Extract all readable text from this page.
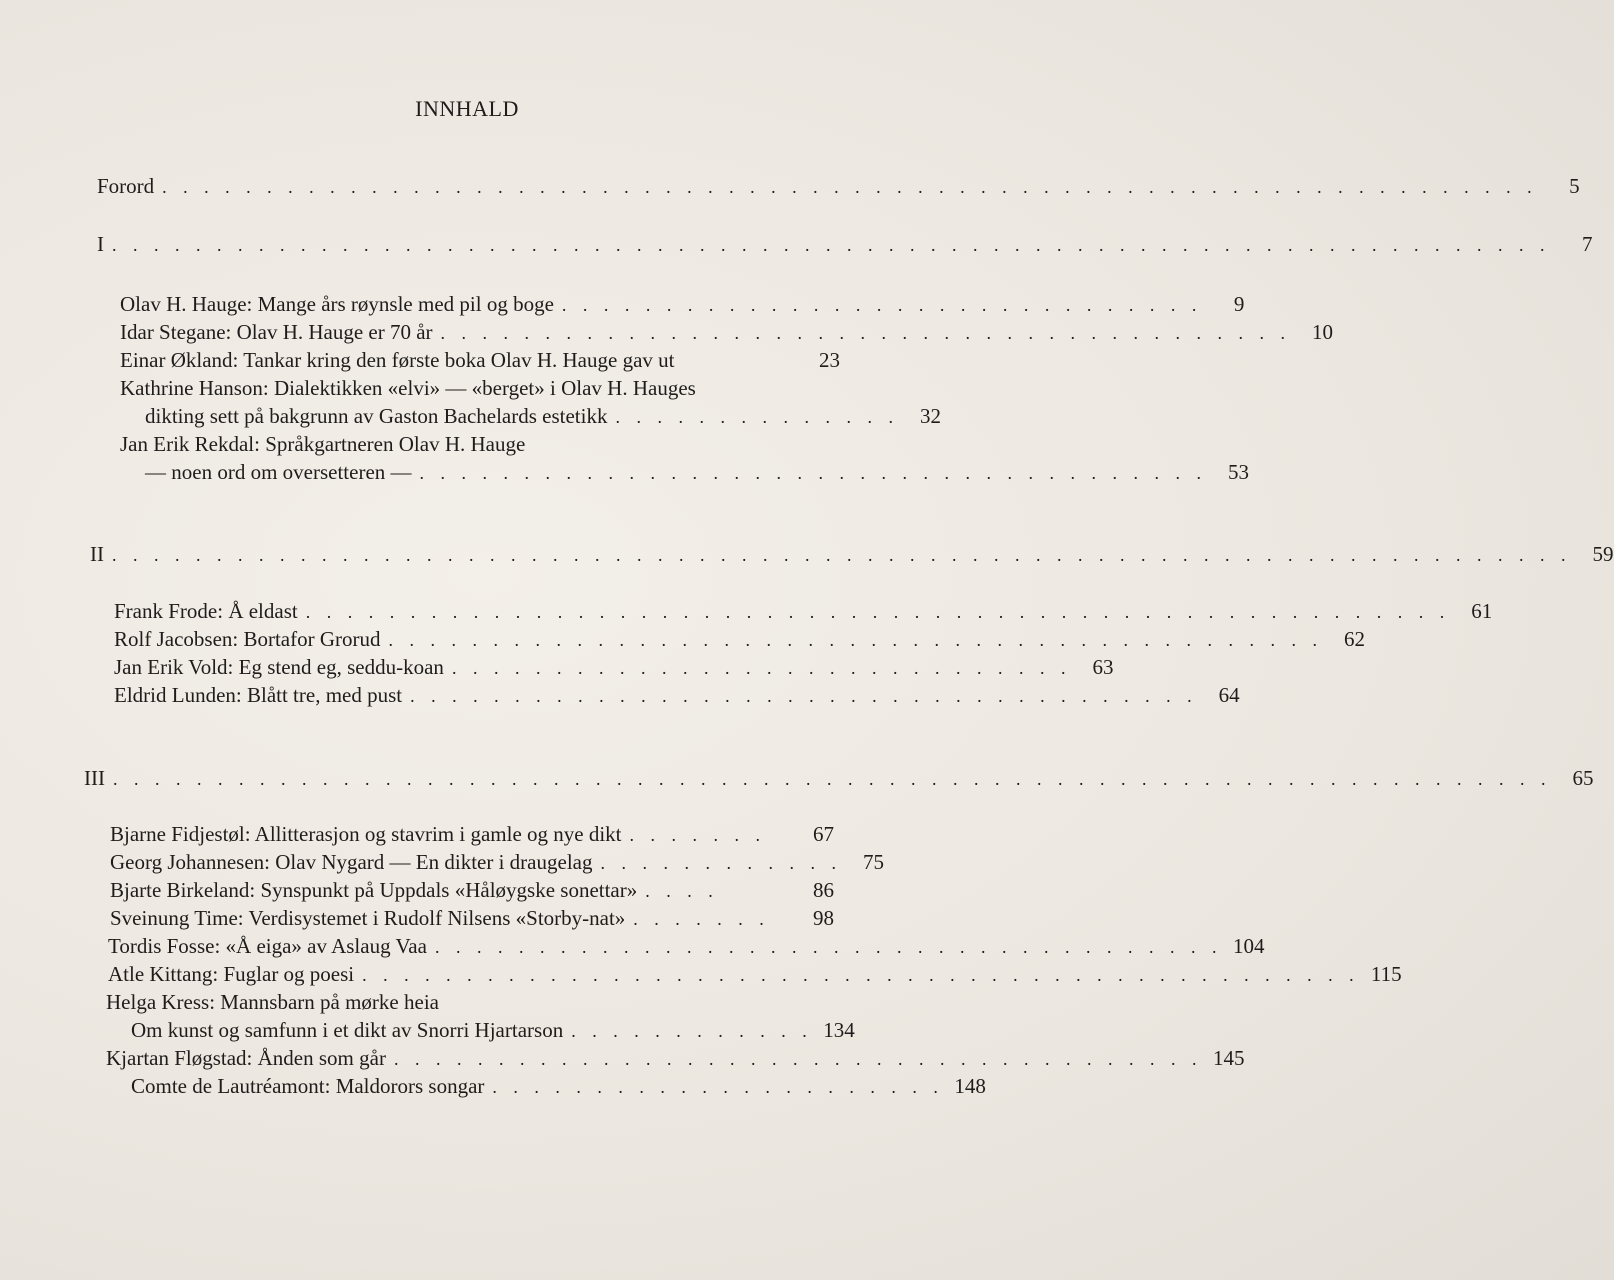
INNHALD
Forord . . . . . . . . . . . . . . . . . . . . . . . . . . . . . . . . . . . . . . . . . . . . . . . . . . . . . . . . . . . . . . . . . .	5
I . . . . . . . . . . . . . . . . . . . . . . . . . . . . . . . . . . . . . . . . . . . . . . . . . . . . . . . . . . . . . . . . . . . . .	7
Olav H. Hauge: Mange års røynsle med pil og boge . . . . . . . . . . . . . . . . . . . . . . . . . . . . . . .	9
Idar Stegane: Olav H. Hauge er 70 år . . . . . . . . . . . . . . . . . . . . . . . . . . . . . . . . . . . . . . . . .	10
Einar Økland: Tankar kring den første boka Olav H. Hauge gav ut	23
Kathrine Hanson: Dialektikken «elvi» — «berget» i Olav H. Hauges
dikting sett på bakgrunn av Gaston Bachelards estetikk . . . . . . . . . . . . . .	32
Jan Erik Rekdal: Språkgartneren Olav H. Hauge
— noen ord om oversetteren — . . . . . . . . . . . . . . . . . . . . . . . . . . . . . . . . . . . . . .	53
II . . . . . . . . . . . . . . . . . . . . . . . . . . . . . . . . . . . . . . . . . . . . . . . . . . . . . . . . . . . . . . . . . . . . . .	59
Frank Frode: Å eldast . . . . . . . . . . . . . . . . . . . . . . . . . . . . . . . . . . . . . . . . . . . . . . . . . . . . . . .	61
Rolf Jacobsen: Bortafor Grorud . . . . . . . . . . . . . . . . . . . . . . . . . . . . . . . . . . . . . . . . . . . . .	62
Jan Erik Vold: Eg stend eg, seddu-koan . . . . . . . . . . . . . . . . . . . . . . . . . . . . . .	63
Eldrid Lunden: Blått tre, med pust . . . . . . . . . . . . . . . . . . . . . . . . . . . . . . . . . . . . . .	64
III . . . . . . . . . . . . . . . . . . . . . . . . . . . . . . . . . . . . . . . . . . . . . . . . . . . . . . . . . . . . . . . . . . . . .	65
Bjarne Fidjestøl: Allitterasjon og stavrim i gamle og nye dikt . . . . . . .	67
Georg Johannesen: Olav Nygard — En dikter i draugelag . . . . . . . . . . . .	75
Bjarte Birkeland: Synspunkt på Uppdals «Håløygske sonettar» . . . .	86
Sveinung Time: Verdisystemet i Rudolf Nilsens «Storby-nat» . . . . . . .	98
Tordis Fosse: «Å eiga» av Aslaug Vaa . . . . . . . . . . . . . . . . . . . . . . . . . . . . . . . . . . . . . . 104
Atle Kittang: Fuglar og poesi . . . . . . . . . . . . . . . . . . . . . . . . . . . . . . . . . . . . . . . . . . . . . . . . 115
Helga Kress: Mannsbarn på mørke heia
Om kunst og samfunn i et dikt av Snorri Hjartarson . . . . . . . . . . . . 134
Kjartan Fløgstad: Ånden som går . . . . . . . . . . . . . . . . . . . . . . . . . . . . . . . . . . . . . . . 145
Comte de Lautréamont: Maldorors songar . . . . . . . . . . . . . . . . . . . . . . 148
